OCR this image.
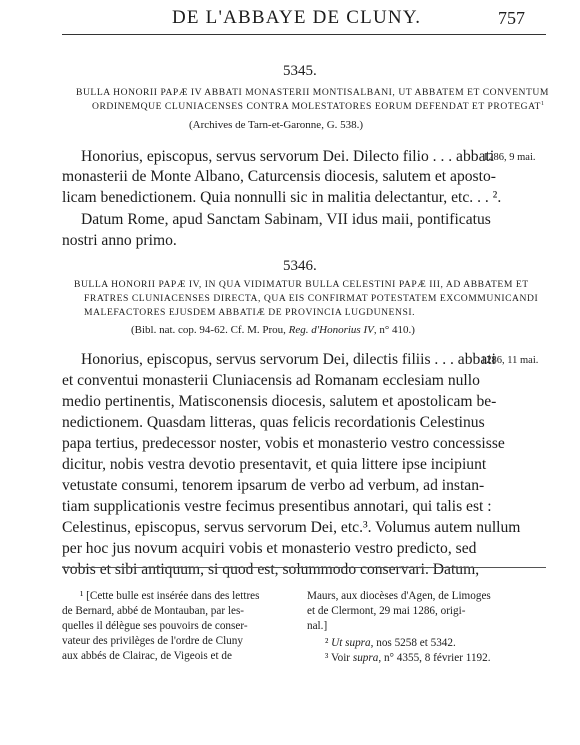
DE L'ABBAYE DE CLUNY.	757
5345.
BULLA HONORII PAPÆ IV ABBATI MONASTERII MONTISALBANI, UT ABBATEM ET CONVENTUM
ORDINEMQUE CLUNIACENSES CONTRA MOLESTATORES EORUM DEFENDAT ET PROTEGAT$^1$
(Archives de Tarn-et-Garonne, G. 538.)
Honorius, episcopus, servus servorum Dei. Dilecto filio . . . abbati
monasterii de Monte Albano, Caturcensis diocesis, salutem et aposto-
licam benedictionem. Quia nonnulli sic in malitia delectantur, etc. . . ².
Datum Rome, apud Sanctam Sabinam, VII idus maii, pontificatus
nostri anno primo.
1286, 9 mai.
5346.
BULLA HONORII PAPÆ IV, IN QUA VIDIMATUR BULLA CELESTINI PAPÆ III, AD ABBATEM ET
FRATRES CLUNIACENSES DIRECTA, QUA EIS CONFIRMAT POTESTATEM EXCOMMUNICANDI
MALEFACTORES EJUSDEM ABBATIÆ DE PROVINCIA LUGDUNENSI.
(Bibl. nat. cop. 94-62. Cf. M. Prou, Reg. d'Honorius IV, n° 410.)
Honorius, episcopus, servus servorum Dei, dilectis filiis . . . abbati
et conventui monasterii Cluniacensis ad Romanam ecclesiam nullo
medio pertinentis, Matisconensis diocesis, salutem et apostolicam be-
nedictionem. Quasdam litteras, quas felicis recordationis Celestinus
papa tertius, predecessor noster, vobis et monasterio vestro concessisse
dicitur, nobis vestra devotio presentavit, et quia littere ipse incipiunt
vetustate consumi, tenorem ipsarum de verbo ad verbum, ad instan-
tiam supplicationis vestre fecimus presentibus annotari, qui talis est :
Celestinus, episcopus, servus servorum Dei, etc.³. Volumus autem nullum
per hoc jus novum acquiri vobis et monasterio vestro predicto, sed
vobis et sibi antiquum, si quod est, solummodo conservari. Datum,
1286, 11 mai.
¹ [Cette bulle est insérée dans des lettres
de Bernard, abbé de Montauban, par les-
quelles il délègue ses pouvoirs de conser-
vateur des privilèges de l'ordre de Cluny
aux abbés de Clairac, de Vigeois et de
Maurs, aux diocèses d'Agen, de Limoges
et de Clermont, 29 mai 1286, origi-
nal.]
² Ut supra, nos 5258 et 5342.
³ Voir supra, n° 4355, 8 février 1192.
